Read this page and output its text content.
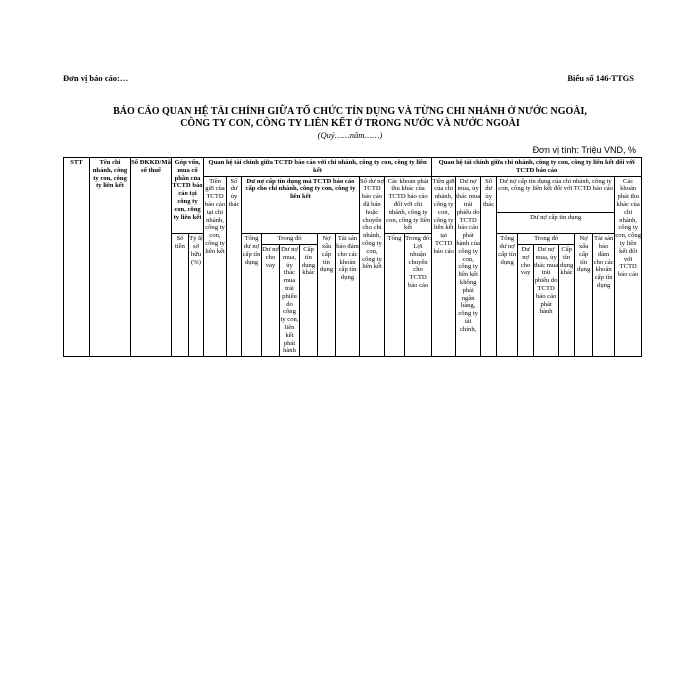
Đơn vị báo cáo:…	Biểu số 146-TTGS
BÁO CÁO QUAN HỆ TÀI CHÍNH GIỮA TỔ CHỨC TÍN DỤNG VÀ TỪNG CHI NHÁNH Ở NƯỚC NGOÀI,
CÔNG TY CON, CÔNG TY LIÊN KẾT Ở TRONG NƯỚC VÀ NƯỚC NGOÀI
(Quý……năm……)
Đơn vị tính: Triệu VND, %
STT	Tên chi nhánh, công ty con, công ty liên kết	Số ĐKKD/Mã số thuế	Góp vốn, mua cổ phần của TCTD báo cáo tại công ty con, công ty liên kết		Quan hệ tài chính giữa TCTD báo cáo với chi nhánh, công ty con, công ty liên kết											Quan hệ tài chính giữa chi nhánh, công ty con, công ty liên kết đối với TCTD báo cáo									
					Tiền gửi của TCTD báo cáo tại chi nhánh, công ty con, công ty liên kết	Số dư ủy thác	Dư nợ cấp tín dụng mà TCTD báo cáo cấp cho chi nhánh, công ty con, công ty liên kết						Số dư nợ TCTD báo cáo đã bán hoặc chuyển cho chi nhánh, công ty con, công ty liên kết	Các khoản phải thu khác của TCTD báo cáo đối với chi nhánh, công ty con, công ty liên kết		Tiền gửi của chi nhánh, công ty con, công ty liên kết tại TCTD báo cáo	Dư nợ mua, ủy thác mua trái phiếu do TCTD báo cáo phát hành của công ty con, công ty liên kết không phải ngân hàng, công ty tài chính,	Số dư ủy thác	Dư nợ cấp tín dụng của chi nhánh, công ty con, công ty liên kết đối với TCTD báo cáo						Các khoản phải thu khác của chi nhánh, công ty con, công ty liên kết đối với TCTD báo cáo
																			Dư nợ cấp tín dụng						
			Số tiền	Tỷ lệ sở hữu (%)			Tổng dư nợ cấp tín dụng	Trong đó			Nợ xấu cấp tín dụng	Tài sản bảo đảm cho các khoản cấp tín dụng		Tổng	Trong đó: Lợi nhuận chuyển cho TCTD báo cáo				Tổng dư nợ cấp tín dụng	Trong đó			Nợ xấu cấp tín dụng	Tài sản bảo đảm cho các khoản cấp tín dụng	
								Dư nợ cho vay	Dư nợ mua, ủy thác mua trái phiếu do công ty con, liên kết phát hành	Cấp tín dụng khác										Dư nợ cho vay	Dư nợ mua, ủy thác mua trái phiếu do TCTD báo cáo phát hành	Cấp tín dụng khác			
